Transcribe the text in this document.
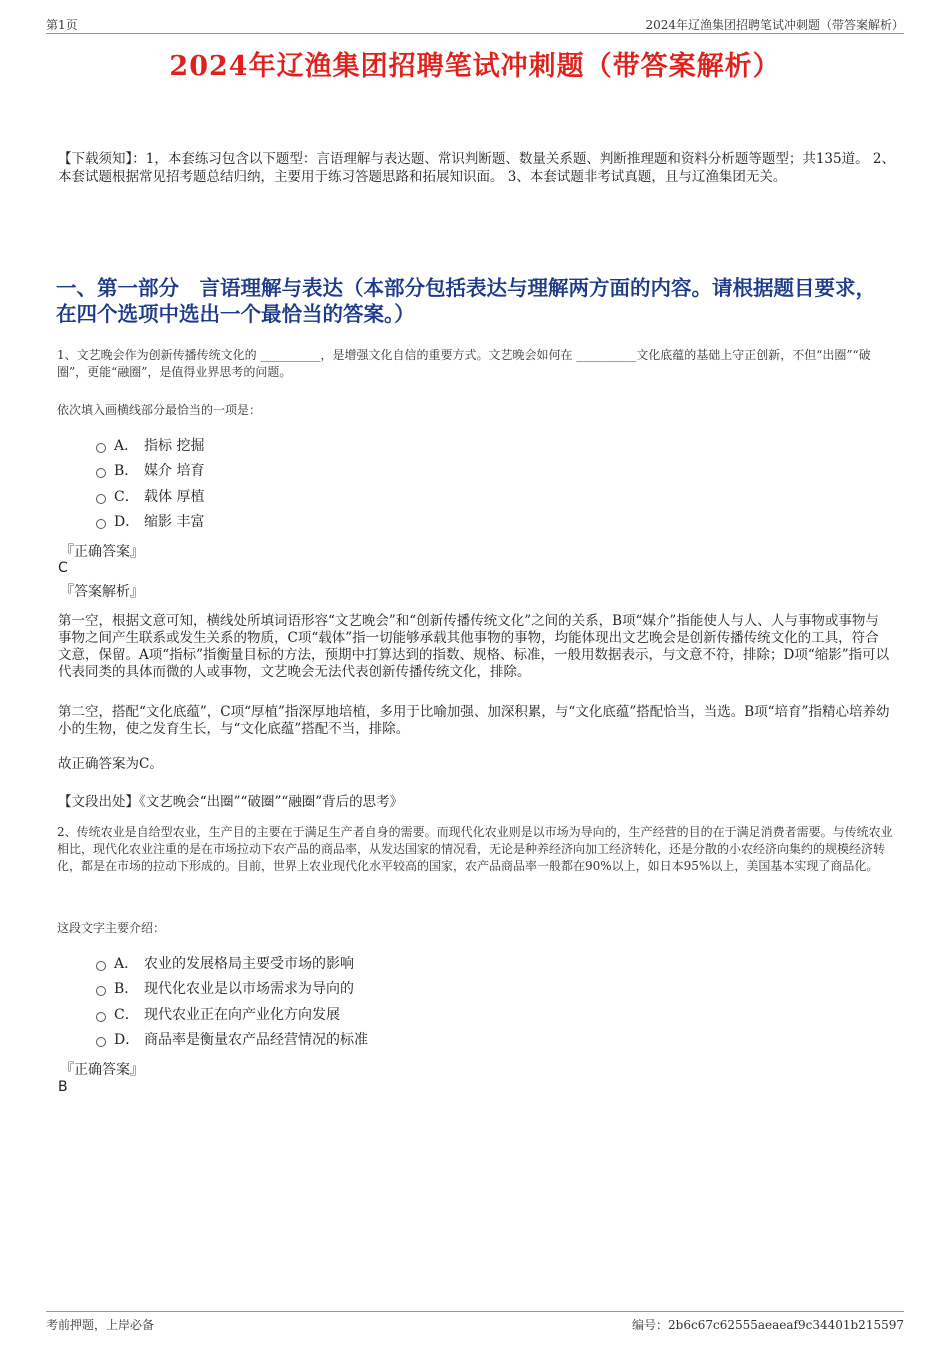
第1页	2024年辽渔集团招聘笔试冲刺题（带答案解析）
2024年辽渔集团招聘笔试冲刺题（带答案解析）

【下载须知】：1，本套练习包含以下题型：言语理解与表达题、常识判断题、数量关系题、判断推理题和资料分析题等题型；共135道。 2、本套试题根据常见招考题总结归纳，主要用于练习答题思路和拓展知识面。 3、本套试题非考试真题，且与辽渔集团无关。

一、第一部分　言语理解与表达（本部分包括表达与理解两方面的内容。请根据题目要求，在四个选项中选出一个最恰当的答案。）

1、文艺晚会作为创新传播传统文化的 __________，是增强文化自信的重要方式。文艺晚会如何在 __________文化底蕴的基础上守正创新，不但“出圈”“破圈”，更能“融圈”，是值得业界思考的问题。

依次填入画横线部分最恰当的一项是：

A． 指标 挖掘
B． 媒介 培育
C． 载体 厚植
D． 缩影 丰富

『正确答案』

C

『答案解析』

第一空，根据文意可知，横线处所填词语形容“文艺晚会”和“创新传播传统文化”之间的关系，B项“媒介”指能使人与人、人与事物或事物与事物之间产生联系或发生关系的物质，C项“载体”指一切能够承载其他事物的事物，均能体现出文艺晚会是创新传播传统文化的工具，符合文意，保留。A项“指标”指衡量目标的方法，预期中打算达到的指数、规格、标准，一般用数据表示，与文意不符，排除；D项“缩影”指可以代表同类的具体而微的人或事物，文艺晚会无法代表创新传播传统文化，排除。

第二空，搭配“文化底蕴”，C项“厚植”指深厚地培植，多用于比喻加强、加深积累，与“文化底蕴”搭配恰当，当选。B项“培育”指精心培养幼小的生物，使之发育生长，与“文化底蕴”搭配不当，排除。

故正确答案为C。

【文段出处】《文艺晚会“出圈”“破圈”“融圈”背后的思考》

2、传统农业是自给型农业，生产目的主要在于满足生产者自身的需要。而现代化农业则是以市场为导向的，生产经营的目的在于满足消费者需要。与传统农业相比，现代化农业注重的是在市场拉动下农产品的商品率，从发达国家的情况看，无论是种养经济向加工经济转化，还是分散的小农经济向集约的规模经济转化，都是在市场的拉动下形成的。目前，世界上农业现代化水平较高的国家，农产品商品率一般都在90%以上，如日本95%以上，美国基本实现了商品化。

这段文字主要介绍：

A． 农业的发展格局主要受市场的影响
B． 现代化农业是以市场需求为导向的
C． 现代农业正在向产业化方向发展
D． 商品率是衡量农产品经营情况的标准

『正确答案』

B

考前押题，上岸必备	编号：2b6c67c62555aeaeaf9c34401b215597
